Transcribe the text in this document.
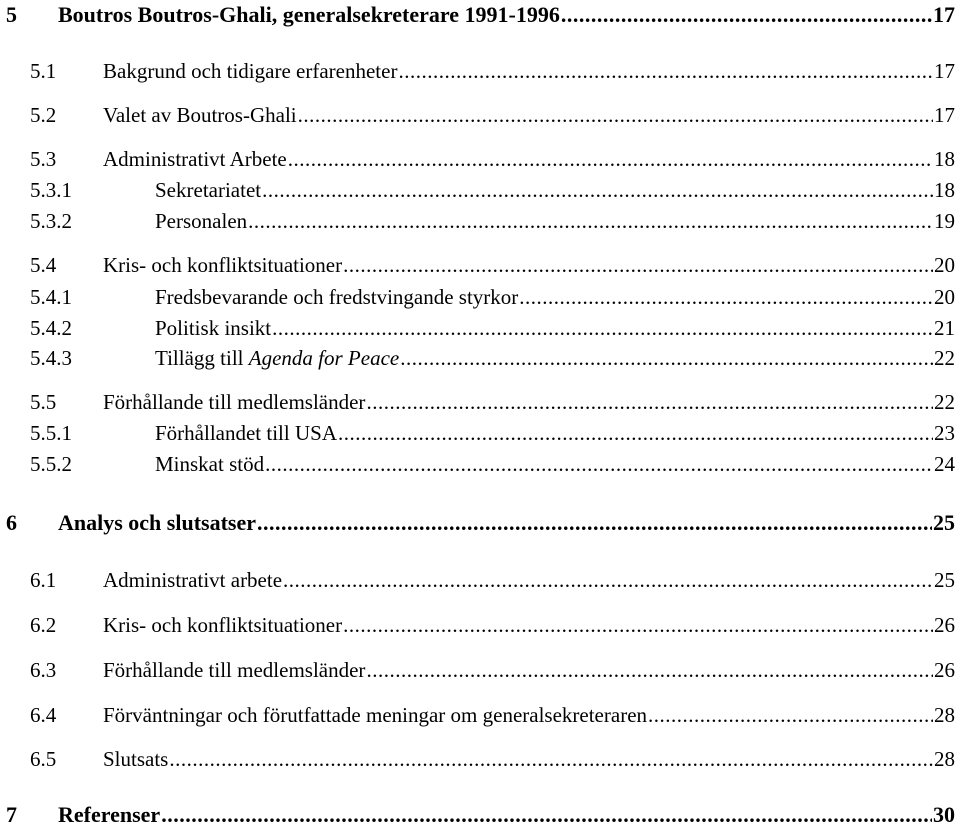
5 Boutros Boutros-Ghali, generalsekreterare 1991-1996 .....	17
5.1 Bakgrund och tidigare erfarenheter .....	17
5.2 Valet av Boutros-Ghali .....	17
5.3 Administrativt Arbete .....	18
5.3.1	Sekretariatet .....	18
5.3.2	Personalen .....	19
5.4 Kris- och konfliktsituationer .....	20
5.4.1	Fredsbevarande och fredstvingande styrkor .....	20
5.4.2	Politisk insikt .....	21
5.4.3	Tillägg till Agenda for Peace .....	22
5.5 Förhållande till medlemsländer .....	22
5.5.1	Förhållandet till USA .....	23
5.5.2	Minskat stöd .....	24
6 Analys och slutsatser .....	25
6.1 Administrativt arbete .....	25
6.2 Kris- och konfliktsituationer .....	26
6.3 Förhållande till medlemsländer .....	26
6.4 Förväntningar och förutfattade meningar om generalsekreteraren .....	28
6.5 Slutsats .....	28
7 Referenser .....	30
